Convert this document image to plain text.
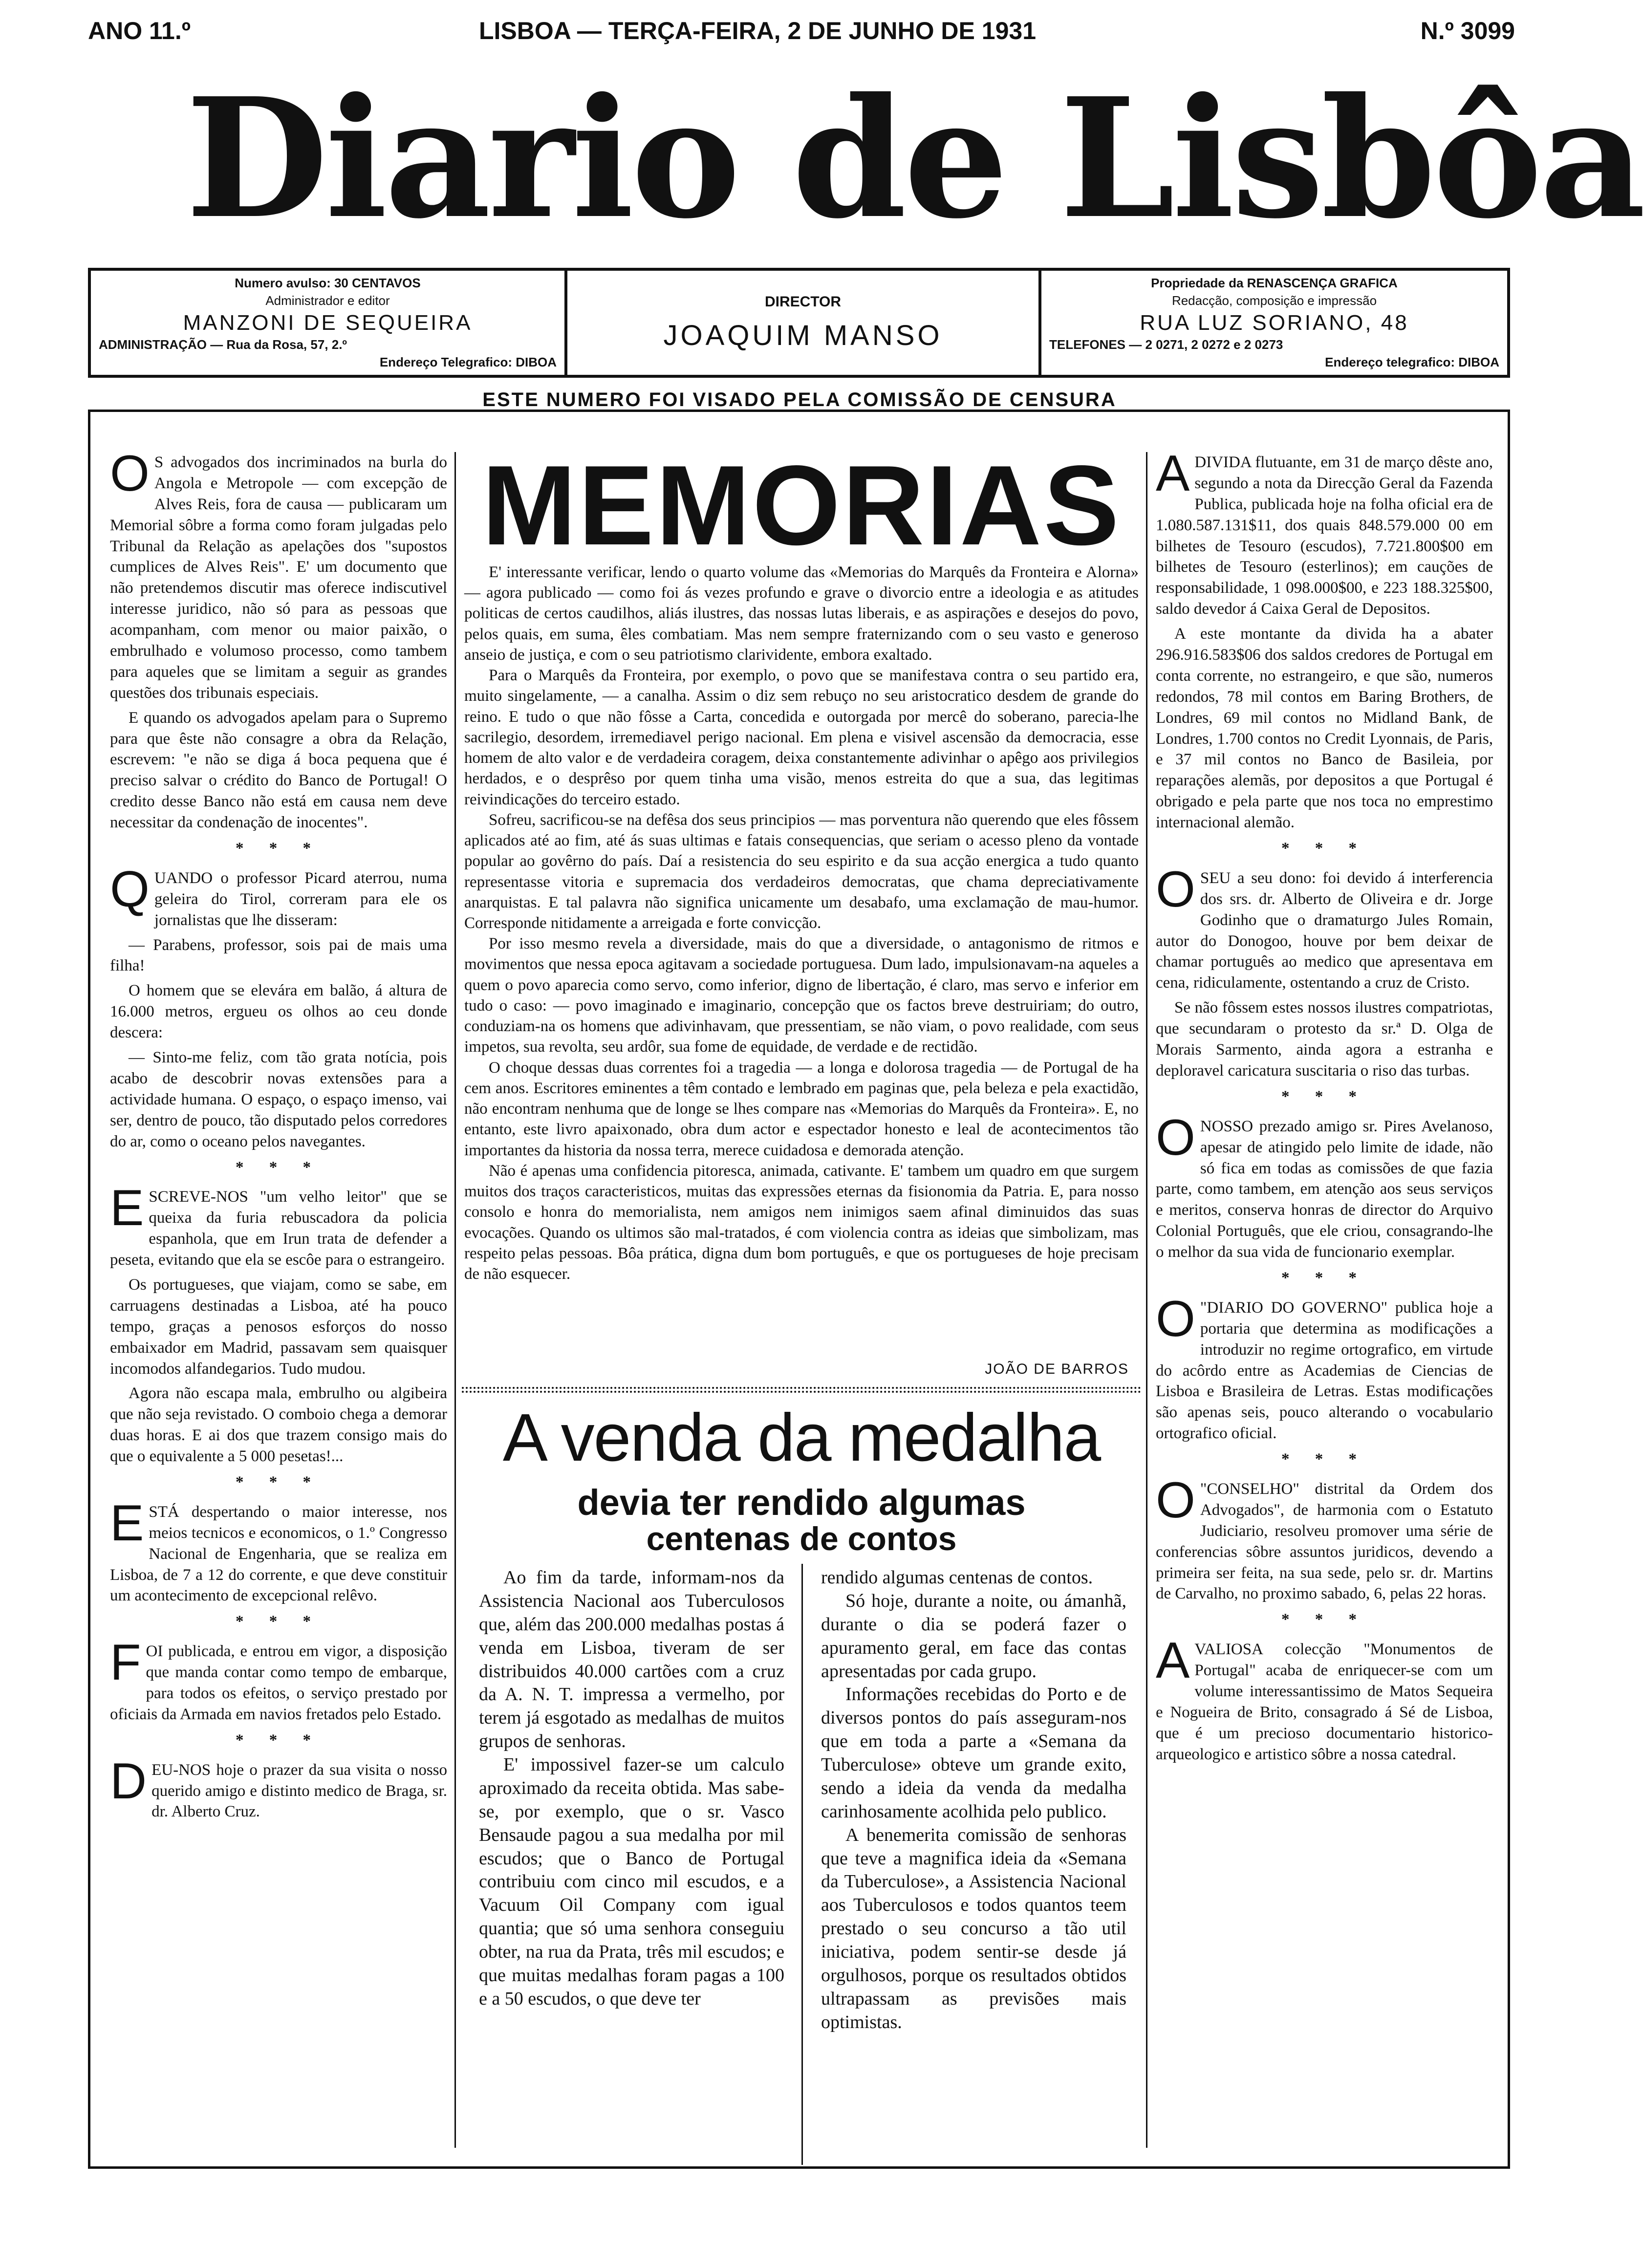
ANO 11.º	LISBOA — TERÇA-FEIRA, 2 DE JUNHO DE 1931	N.º 3099
Diario de Lisbôa
Numero avulso: 30 CENTAVOS
Administrador e editor
MANZONI DE SEQUEIRA
ADMINISTRAÇÃO — Rua da Rosa, 57, 2.º
Endereço Telegrafico: DIBOA
DIRECTOR
JOAQUIM MANSO
Propriedade da RENASCENÇA GRAFICA
Redacção, composição e impressão
RUA LUZ SORIANO, 48
TELEFONES — 2 0271, 2 0272 e 2 0273
Endereço telegrafico: DIBOA
ESTE NUMERO FOI VISADO PELA COMISSÃO DE CENSURA
O S advogados dos incriminados na burla do Angola e Metropole — com excepção de Alves Reis, fora de causa — publicaram um Memorial sôbre a forma como foram julgadas pelo Tribunal da Relação as apelações dos "supostos cumplices de Alves Reis". E' um documento que não pretendemos discutir mas oferece indiscutivel interesse juridico, não só para as pessoas que acompanham, com menor ou maior paixão, o embrulhado e volumoso processo, como tambem para aqueles que se limitam a seguir as grandes questões dos tribunais especiais.

E quando os advogados apelam para o Supremo para que êste não consagre a obra da Relação, escrevem: "e não se diga á boca pequena que é preciso salvar o crédito do Banco de Portugal! O credito desse Banco não está em causa nem deve necessitar da condenação de inocentes".

* * *
Q UANDO o professor Picard aterrou, numa geleira do Tirol, correram para ele os jornalistas que lhe disseram:

— Parabens, professor, sois pai de mais uma filha!

O homem que se elevára em balão, á altura de 16.000 metros, ergueu os olhos ao ceu donde descera:

— Sinto-me feliz, com tão grata notícia, pois acabo de descobrir novas extensões para a actividade humana. O espaço, o espaço imenso, vai ser, dentro de pouco, tão disputado pelos corredores do ar, como o oceano pelos navegantes.

* * *
E SCREVE-NOS "um velho leitor" que se queixa da furia rebuscadora da policia espanhola, que em Irun trata de defender a peseta, evitando que ela se escôe para o estrangeiro.

Os portugueses, que viajam, como se sabe, em carruagens destinadas a Lisboa, até ha pouco tempo, graças a penosos esforços do nosso embaixador em Madrid, passavam sem quaisquer incomodos alfandegarios. Tudo mudou.

Agora não escapa mala, embrulho ou algibeira que não seja revistado. O comboio chega a demorar duas horas. E ai dos que trazem consigo mais do que o equivalente a 5 000 pesetas!...

* * *
E STÁ despertando o maior interesse, nos meios tecnicos e economicos, o 1.º Congresso Nacional de Engenharia, que se realiza em Lisboa, de 7 a 12 do corrente, e que deve constituir um acontecimento de excepcional relêvo.

* * *
F OI publicada, e entrou em vigor, a disposição que manda contar como tempo de embarque, para todos os efeitos, o serviço prestado por oficiais da Armada em navios fretados pelo Estado.

* * *
D EU-NOS hoje o prazer da sua visita o nosso querido amigo e distinto medico de Braga, sr. dr. Alberto Cruz.

MEMORIAS

E' interessante verificar, lendo o quarto volume das «Memorias do Marquês da Fronteira e Alorna» — agora publicado — como foi ás vezes profundo e grave o divorcio entre a ideologia e as atitudes politicas de certos caudilhos, aliás ilustres, das nossas lutas liberais, e as aspirações e desejos do povo, pelos quais, em suma, êles combatiam. Mas nem sempre fraternizando com o seu vasto e generoso anseio de justiça, e com o seu patriotismo clarividente, embora exaltado.

Para o Marquês da Fronteira, por exemplo, o povo que se manifestava contra o seu partido era, muito singelamente, — a canalha. Assim o diz sem rebuço no seu aristocratico desdem de grande do reino. E tudo o que não fôsse a Carta, concedida e outorgada por mercê do soberano, parecia-lhe sacrilegio, desordem, irremediavel perigo nacional. Em plena e visivel ascensão da democracia, esse homem de alto valor e de verdadeira coragem, deixa constantemente adivinhar o apêgo aos privilegios herdados, e o desprêso por quem tinha uma visão, menos estreita do que a sua, das legitimas reivindicações do terceiro estado.

Sofreu, sacrificou-se na defêsa dos seus principios — mas porventura não querendo que eles fôssem aplicados até ao fim, até ás suas ultimas e fatais consequencias, que seriam o acesso pleno da vontade popular ao govêrno do país. Daí a resistencia do seu espirito e da sua acção energica a tudo quanto representasse vitoria e supremacia dos verdadeiros democratas, que chama depreciativamente anarquistas. E tal palavra não significa unicamente um desabafo, uma exclamação de mau-humor. Corresponde nitidamente a arreigada e forte convicção.

Por isso mesmo revela a diversidade, mais do que a diversidade, o antagonismo de ritmos e movimentos que nessa epoca agitavam a sociedade portuguesa. Dum lado, impulsionavam-na aqueles a quem o povo aparecia como servo, como inferior, digno de libertação, é claro, mas servo e inferior em tudo o caso: — povo imaginado e imaginario, concepção que os factos breve destruiriam; do outro, conduziam-na os homens que adivinhavam, que pressentiam, se não viam, o povo realidade, com seus impetos, sua revolta, seu ardôr, sua fome de equidade, de verdade e de rectidão.

O choque dessas duas correntes foi a tragedia — a longa e dolorosa tragedia — de Portugal de ha cem anos. Escritores eminentes a têm contado e lembrado em paginas que, pela beleza e pela exactidão, não encontram nenhuma que de longe se lhes compare nas «Memorias do Marquês da Fronteira». E, no entanto, este livro apaixonado, obra dum actor e espectador honesto e leal de acontecimentos tão importantes da historia da nossa terra, merece cuidadosa e demorada atenção.

Não é apenas uma confidencia pitoresca, animada, cativante. E' tambem um quadro em que surgem muitos dos traços caracteristicos, muitas das expressões eternas da fisionomia da Patria. E, para nosso consolo e honra do memorialista, nem amigos nem inimigos saem afinal diminuidos das suas evocações. Quando os ultimos são mal-tratados, é com violencia contra as ideias que simbolizam, mas respeito pelas pessoas. Bôa prática, digna dum bom português, e que os portugueses de hoje precisam de não esquecer.

JOÃO DE BARROS
A venda da medalha
devia ter rendido algumas
centenas de contos

Ao fim da tarde, informam-nos da Assistencia Nacional aos Tuberculosos que, além das 200.000 medalhas postas á venda em Lisboa, tiveram de ser distribuidos 40.000 cartões com a cruz da A. N. T. impressa a vermelho, por terem já esgotado as medalhas de muitos grupos de senhoras.

E' impossivel fazer-se um calculo aproximado da receita obtida. Mas sabe-se, por exemplo, que o sr. Vasco Bensaude pagou a sua medalha por mil escudos; que o Banco de Portugal contribuiu com cinco mil escudos, e a Vacuum Oil Company com igual quantia; que só uma senhora conseguiu obter, na rua da Prata, três mil escudos; e que muitas medalhas foram pagas a 100 e a 50 escudos, o que deve ter

rendido algumas centenas de contos.

Só hoje, durante a noite, ou ámanhã, durante o dia se poderá fazer o apuramento geral, em face das contas apresentadas por cada grupo.

Informações recebidas do Porto e de diversos pontos do país asseguram-nos que em toda a parte a «Semana da Tuberculose» obteve um grande exito, sendo a ideia da venda da medalha carinhosamente acolhida pelo publico.

A benemerita comissão de senhoras que teve a magnifica ideia da «Semana da Tuberculose», a Assistencia Nacional aos Tuberculosos e todos quantos teem prestado o seu concurso a tão util iniciativa, podem sentir-se desde já orgulhosos, porque os resultados obtidos ultrapassam as previsões mais optimistas.

A DIVIDA flutuante, em 31 de março dêste ano, segundo a nota da Direcção Geral da Fazenda Publica, publicada hoje na folha oficial era de 1.080.587.131$11, dos quais 848.579.000 00 em bilhetes de Tesouro (escudos), 7.721.800$00 em bilhetes de Tesouro (esterlinos); em cauções de responsabilidade, 1 098.000$00, e 223 188.325$00, saldo devedor á Caixa Geral de Depositos.

A este montante da divida ha a abater 296.916.583$06 dos saldos credores de Portugal em conta corrente, no estrangeiro, e que são, numeros redondos, 78 mil contos em Baring Brothers, de Londres, 69 mil contos no Midland Bank, de Londres, 1.700 contos no Credit Lyonnais, de Paris, e 37 mil contos no Banco de Basileia, por reparações alemãs, por depositos a que Portugal é obrigado e pela parte que nos toca no emprestimo internacional alemão.

* * *
O SEU a seu dono: foi devido á interferencia dos srs. dr. Alberto de Oliveira e dr. Jorge Godinho que o dramaturgo Jules Romain, autor do Donogoo, houve por bem deixar de chamar português ao medico que apresentava em cena, ridiculamente, ostentando a cruz de Cristo.

Se não fôssem estes nossos ilustres compatriotas, que secundaram o protesto da sr.ª D. Olga de Morais Sarmento, ainda agora a estranha e deploravel caricatura suscitaria o riso das turbas.

* * *
O NOSSO prezado amigo sr. Pires Avelanoso, apesar de atingido pelo limite de idade, não só fica em todas as comissões de que fazia parte, como tambem, em atenção aos seus serviços e meritos, conserva honras de director do Arquivo Colonial Português, que ele criou, consagrando-lhe o melhor da sua vida de funcionario exemplar.

* * *
O "DIARIO DO GOVERNO" publica hoje a portaria que determina as modificações a introduzir no regime ortografico, em virtude do acôrdo entre as Academias de Ciencias de Lisboa e Brasileira de Letras. Estas modificações são apenas seis, pouco alterando o vocabulario ortografico oficial.

* * *
O "CONSELHO" distrital da Ordem dos Advogados", de harmonia com o Estatuto Judiciario, resolveu promover uma série de conferencias sôbre assuntos juridicos, devendo a primeira ser feita, na sua sede, pelo sr. dr. Martins de Carvalho, no proximo sabado, 6, pelas 22 horas.

* * *
A VALIOSA colecção "Monumentos de Portugal" acaba de enriquecer-se com um volume interessantissimo de Matos Sequeira e Nogueira de Brito, consagrado á Sé de Lisboa, que é um precioso documentario historico-arqueologico e artistico sôbre a nossa catedral.
